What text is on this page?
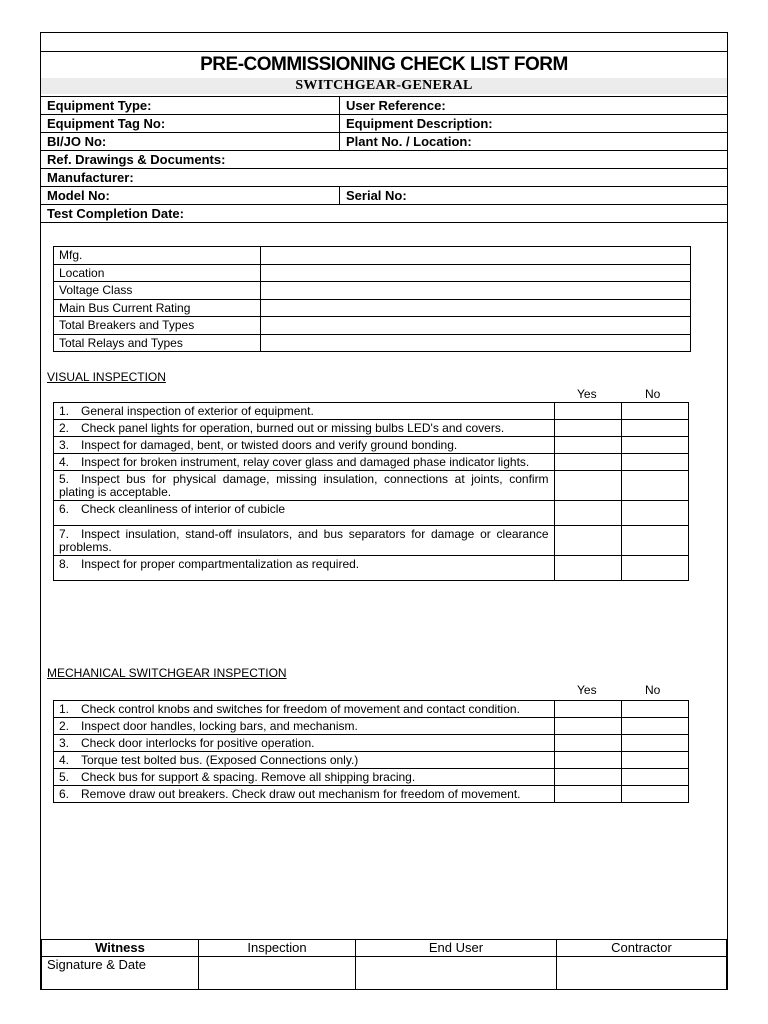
PRE-COMMISSIONING CHECK LIST FORM
SWITCHGEAR-GENERAL
Equipment Type:	User Reference:
Equipment Tag No:	Equipment Description:
BI/JO No:	Plant No. / Location:
Ref. Drawings & Documents:
Manufacturer:
Model No:	Serial No:
Test Completion Date:
Mfg.	
Location	
Voltage Class	
Main Bus Current Rating	
Total Breakers and Types	
Total Relays and Types	
VISUAL INSPECTION
Yes	No
1. General inspection of exterior of equipment.		
2. Check panel lights for operation, burned out or missing bulbs LED's and covers.		
3. Inspect for damaged, bent, or twisted doors and verify ground bonding.		
4. Inspect for broken instrument, relay cover glass and damaged phase indicator lights.		
5. Inspect bus for physical damage, missing insulation, connections at joints, confirm plating is acceptable.		
6. Check cleanliness of interior of cubicle		
7. Inspect insulation, stand-off insulators, and bus separators for damage or clearance problems.		
8. Inspect for proper compartmentalization as required.		
MECHANICAL SWITCHGEAR INSPECTION
Yes	No
1. Check control knobs and switches for freedom of movement and contact condition.		
2. Inspect door handles, locking bars, and mechanism.		
3. Check door interlocks for positive operation.		
4. Torque test bolted bus. (Exposed Connections only.)		
5. Check bus for support & spacing. Remove all shipping bracing.		
6. Remove draw out breakers. Check draw out mechanism for freedom of movement.		
Witness	Inspection	End User	Contractor
Signature & Date			
